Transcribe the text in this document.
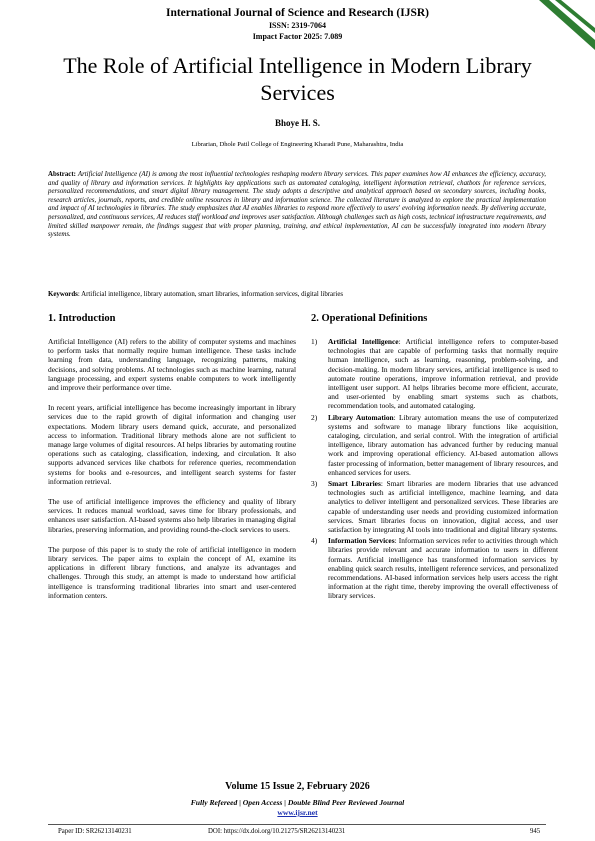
International Journal of Science and Research (IJSR)
ISSN: 2319-7064
Impact Factor 2025: 7.089
The Role of Artificial Intelligence in Modern Library Services
Bhoye H. S.
Librarian, Dhole Patil College of Engineering Kharadi Pune, Maharashtra, India
Abstract: Artificial Intelligence (AI) is among the most influential technologies reshaping modern library services. This paper examines how AI enhances the efficiency, accuracy, and quality of library and information services. It highlights key applications such as automated cataloging, intelligent information retrieval, chatbots for reference services, personalized recommendations, and smart digital library management. The study adopts a descriptive and analytical approach based on secondary sources, including books, research articles, journals, reports, and credible online resources in library and information science. The collected literature is analyzed to explore the practical implementation and impact of AI technologies in libraries. The study emphasizes that AI enables libraries to respond more effectively to users' evolving information needs. By delivering accurate, personalized, and continuous services, AI reduces staff workload and improves user satisfaction. Although challenges such as high costs, technical infrastructure requirements, and limited skilled manpower remain, the findings suggest that with proper planning, training, and ethical implementation, AI can be successfully integrated into modern library systems.
Keywords: Artificial intelligence, library automation, smart libraries, information services, digital libraries
1. Introduction

Artificial Intelligence (AI) refers to the ability of computer systems and machines to perform tasks that normally require human intelligence. These tasks include learning from data, understanding language, recognizing patterns, making decisions, and solving problems. AI technologies such as machine learning, natural language processing, and expert systems enable computers to work intelligently and improve their performance over time.

In recent years, artificial intelligence has become increasingly important in library services due to the rapid growth of digital information and changing user expectations. Modern library users demand quick, accurate, and personalized access to information. Traditional library methods alone are not sufficient to manage large volumes of digital resources. AI helps libraries by automating routine operations such as cataloging, classification, indexing, and circulation. It also supports advanced services like chatbots for reference queries, recommendation systems for books and e-resources, and intelligent search systems for faster information retrieval.

The use of artificial intelligence improves the efficiency and quality of library services. It reduces manual workload, saves time for library professionals, and enhances user satisfaction. AI-based systems also help libraries in managing digital libraries, preserving information, and providing round-the-clock services to users.

The purpose of this paper is to study the role of artificial intelligence in modern library services. The paper aims to explain the concept of AI, examine its applications in different library functions, and analyze its advantages and challenges. Through this study, an attempt is made to understand how artificial intelligence is transforming traditional libraries into smart and user-centered information centers.

2. Operational Definitions
1) Artificial Intelligence: Artificial intelligence refers to computer-based technologies that are capable of performing tasks that normally require human intelligence, such as learning, reasoning, problem-solving, and decision-making. In modern library services, artificial intelligence is used to automate routine operations, improve information retrieval, and provide intelligent user support. AI helps libraries become more efficient, accurate, and user-oriented by enabling smart systems such as chatbots, recommendation tools, and automated cataloging.
2) Library Automation: Library automation means the use of computerized systems and software to manage library functions like acquisition, cataloging, circulation, and serial control. With the integration of artificial intelligence, library automation has advanced further by reducing manual work and improving operational efficiency. AI-based automation allows faster processing of information, better management of library resources, and enhanced services for users.
3) Smart Libraries: Smart libraries are modern libraries that use advanced technologies such as artificial intelligence, machine learning, and data analytics to deliver intelligent and personalized services. These libraries are capable of understanding user needs and providing customized information services. Smart libraries focus on innovation, digital access, and user satisfaction by integrating AI tools into traditional and digital library systems.
4) Information Services: Information services refer to activities through which libraries provide relevant and accurate information to users in different formats. Artificial intelligence has transformed information services by enabling quick search results, intelligent reference services, and personalized recommendations. AI-based information services help users access the right information at the right time, thereby improving the overall effectiveness of library services.
Volume 15 Issue 2, February 2026
Fully Refereed | Open Access | Double Blind Peer Reviewed Journal
www.ijsr.net
Paper ID: SR26213140231	DOI: https://dx.doi.org/10.21275/SR26213140231	945
